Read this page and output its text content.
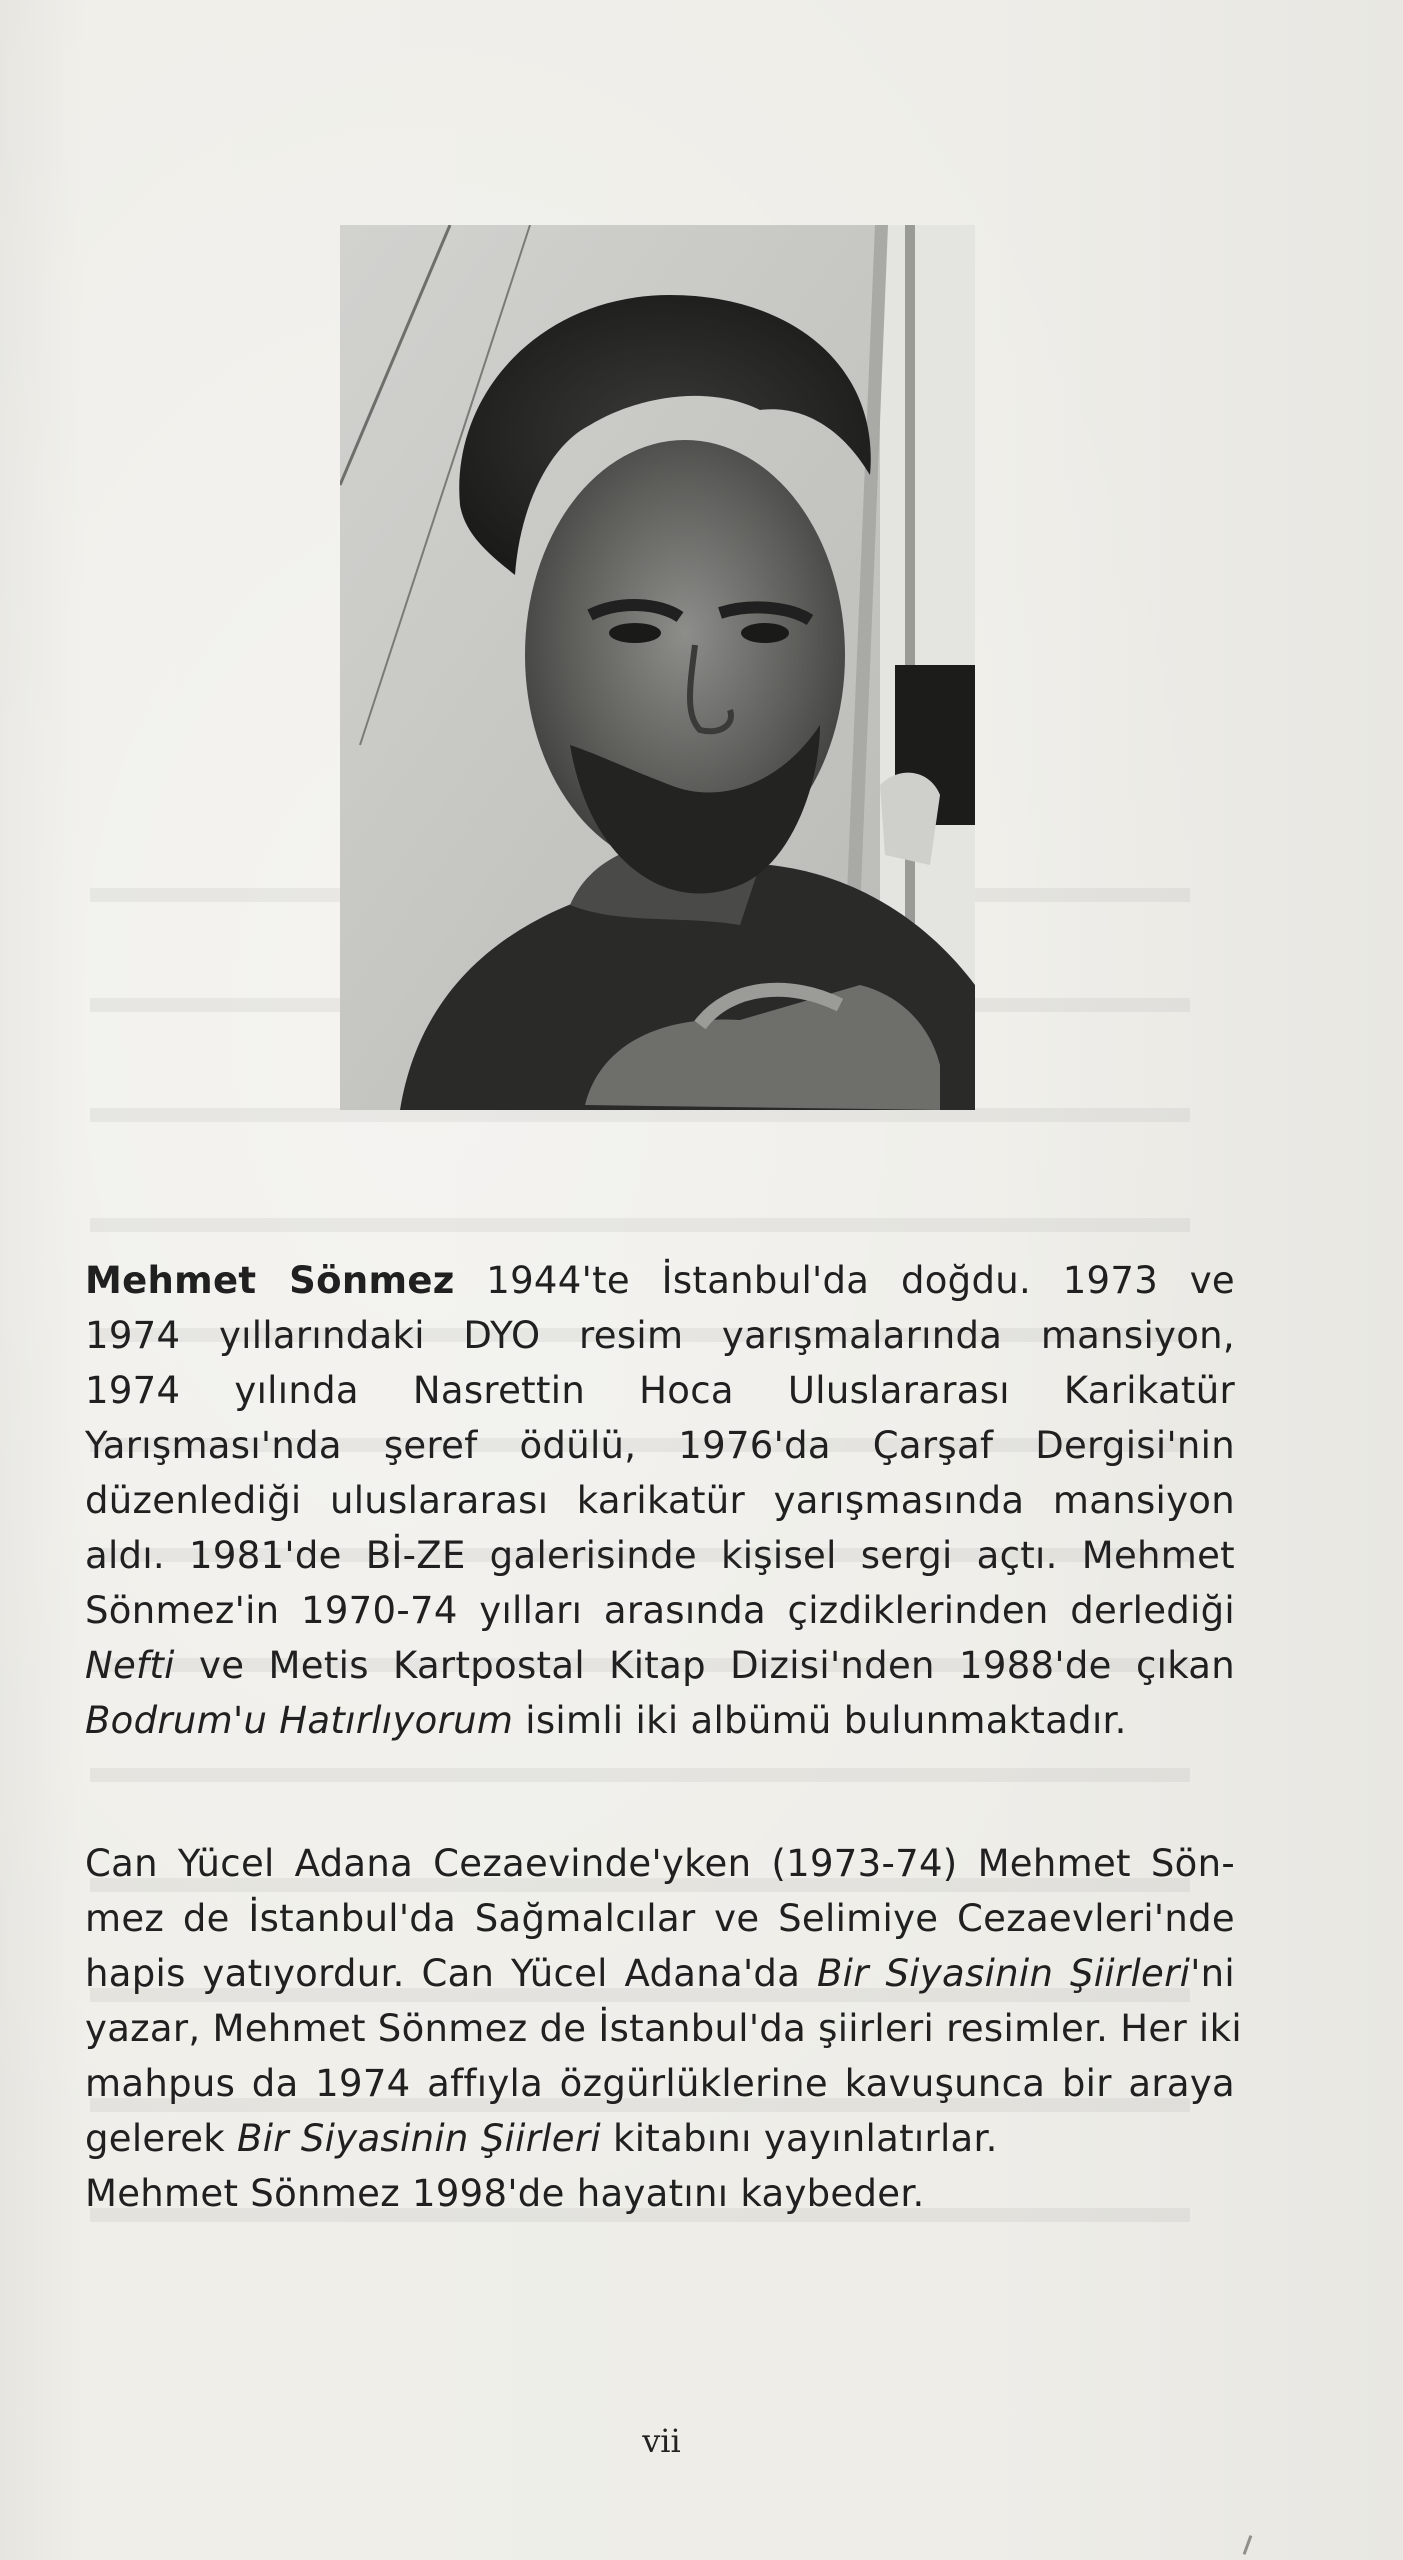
Mehmet Sönmez 1944'te İstanbul'da doğdu. 1973 ve
1974 yıllarındaki DYO resim yarışmalarında mansiyon,
1974 yılında Nasrettin Hoca Uluslararası Karikatür
Yarışması'nda şeref ödülü, 1976'da Çarşaf Dergisi'nin
düzenlediği uluslararası karikatür yarışmasında mansiyon
aldı. 1981'de Bİ-ZE galerisinde kişisel sergi açtı. Mehmet
Sönmez'in 1970-74 yılları arasında çizdiklerinden derlediği
Nefti ve Metis Kartpostal Kitap Dizisi'nden 1988'de çıkan
Bodrum'u Hatırlıyorum isimli iki albümü bulunmaktadır.
Can Yücel Adana Cezaevinde'yken (1973-74) Mehmet Sön-
mez de İstanbul'da Sağmalcılar ve Selimiye Cezaevleri'nde
hapis yatıyordur. Can Yücel Adana'da Bir Siyasinin Şiirleri'ni
yazar, Mehmet Sönmez de İstanbul'da şiirleri resimler. Her iki
mahpus da 1974 affıyla özgürlüklerine kavuşunca bir araya
gelerek Bir Siyasinin Şiirleri kitabını yayınlatırlar.
Mehmet Sönmez 1998'de hayatını kaybeder.
vii
